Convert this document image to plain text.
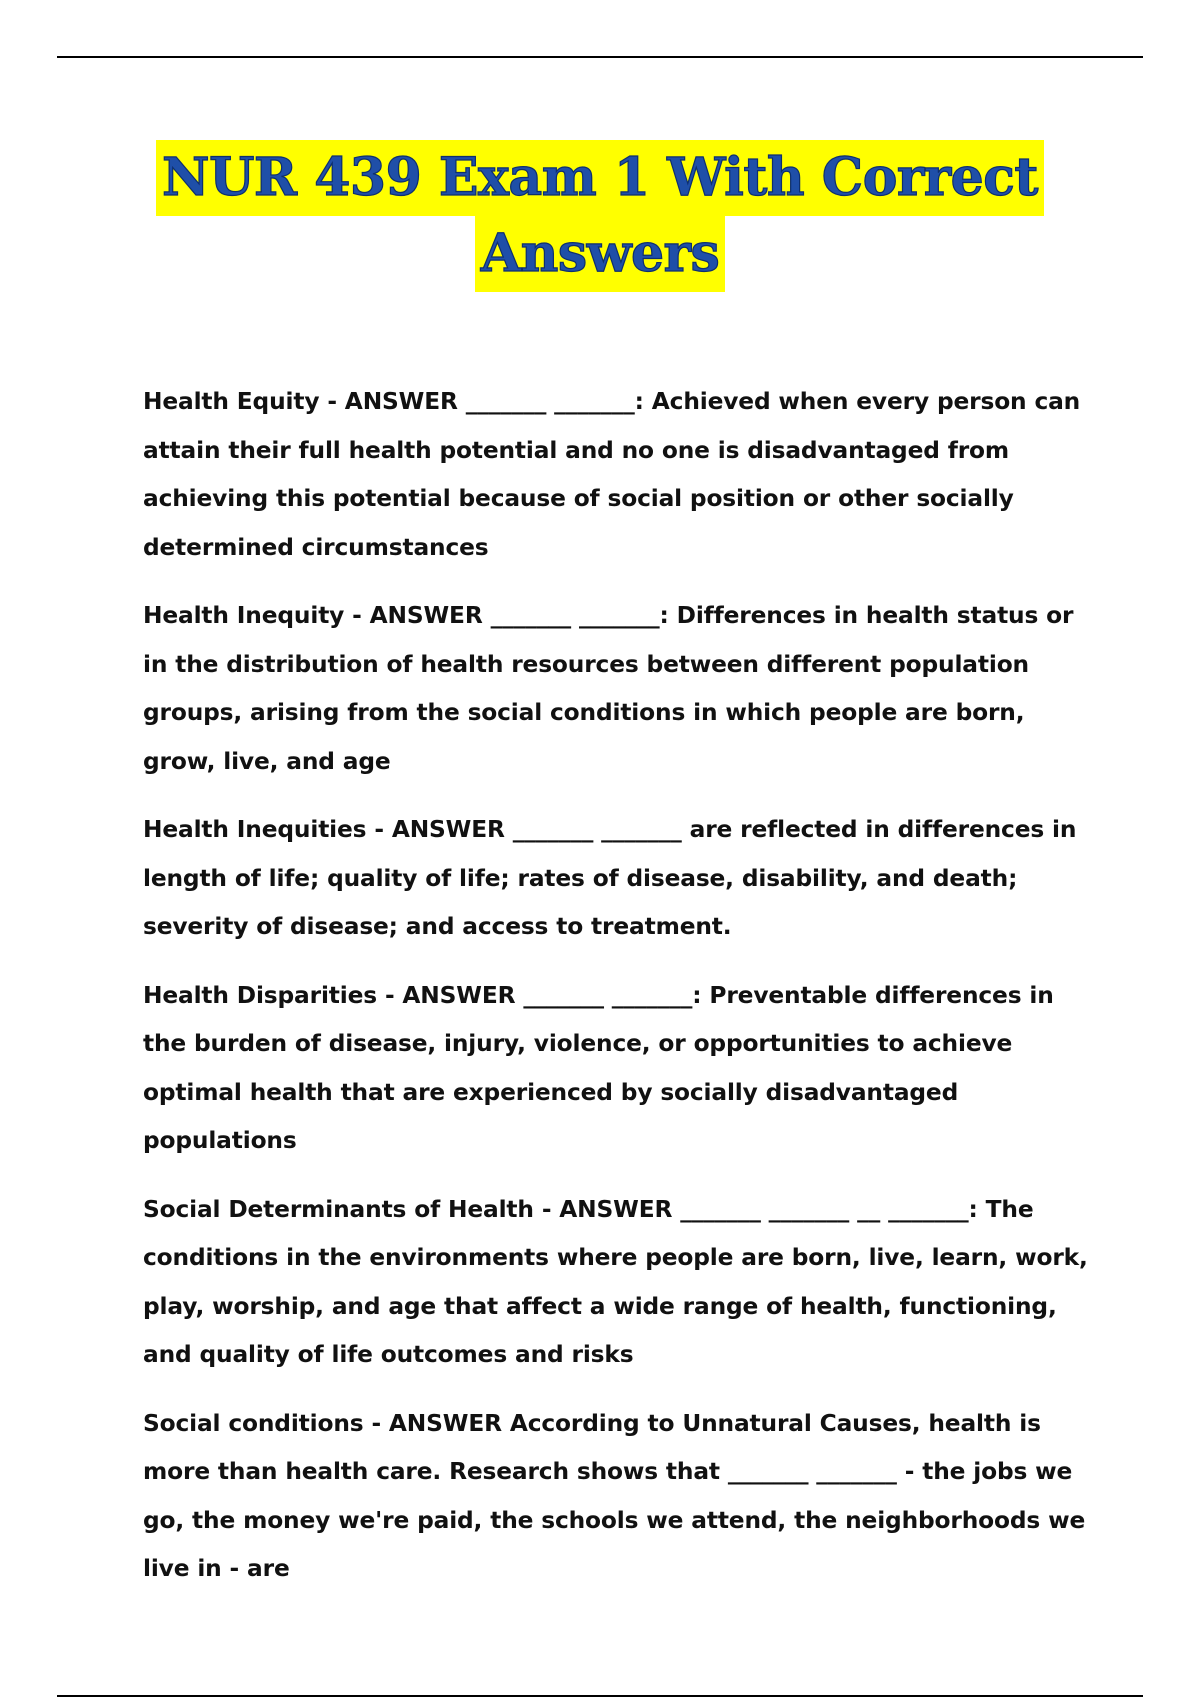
NUR 439 Exam 1 With Correct
Answers

Health Equity - ANSWER _______ _______: Achieved when every person can attain their full health potential and no one is disadvantaged from achieving this potential because of social position or other socially determined circumstances

Health Inequity - ANSWER _______ _______: Differences in health status or in the distribution of health resources between different population groups, arising from the social conditions in which people are born, grow, live, and age

Health Inequities - ANSWER _______ _______ are reflected in differences in length of life; quality of life; rates of disease, disability, and death; severity of disease; and access to treatment.

Health Disparities - ANSWER _______ _______: Preventable differences in the burden of disease, injury, violence, or opportunities to achieve optimal health that are experienced by socially disadvantaged populations

Social Determinants of Health - ANSWER _______ _______ __ _______: The conditions in the environments where people are born, live, learn, work, play, worship, and age that affect a wide range of health, functioning, and quality of life outcomes and risks

Social conditions - ANSWER According to Unnatural Causes, health is more than health care. Research shows that _______ _______ - the jobs we go, the money we're paid, the schools we attend, the neighborhoods we live in - are
